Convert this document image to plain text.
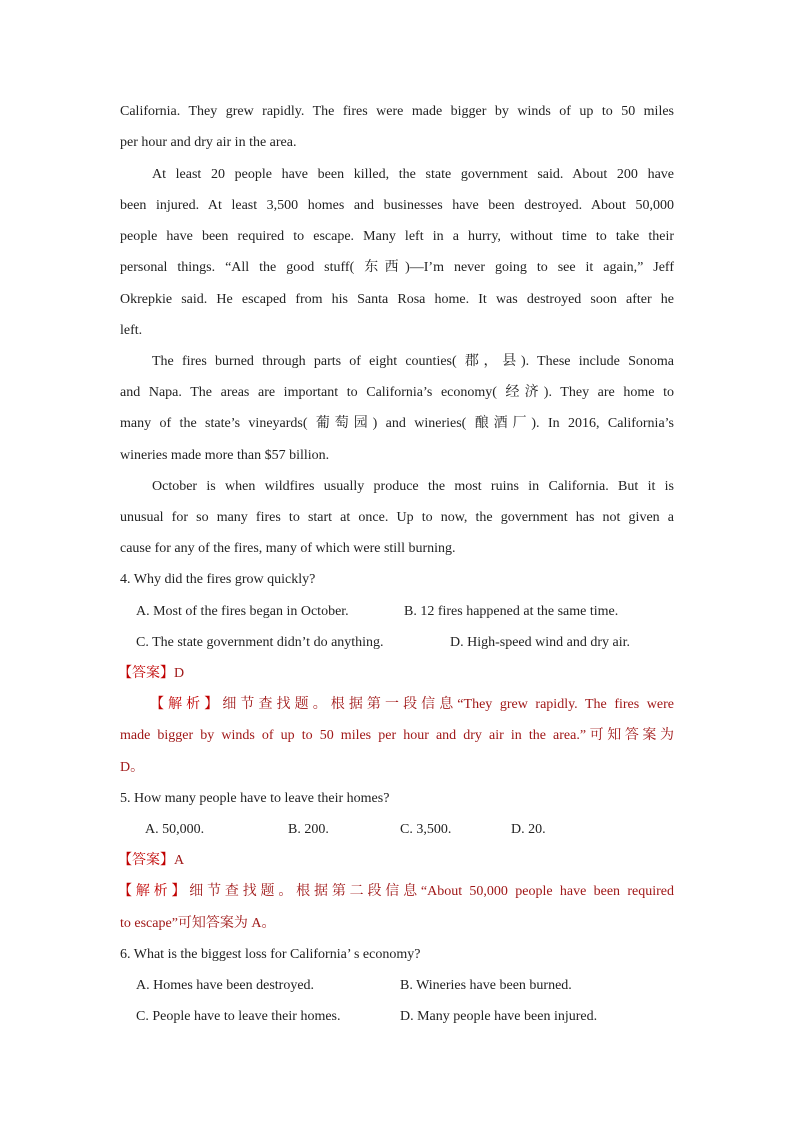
California. They grew rapidly. The fires were made bigger by winds of up to 50 miles
per hour and dry air in the area.
At least 20 people have been killed, the state government said. About 200 have
been injured. At least 3,500 homes and businesses have been destroyed. About 50,000
people have been required to escape. Many left in a hurry, without time to take their
personal things. “All the good stuff( 东西)—I’m never going to see it again,” Jeff
Okrepkie said. He escaped from his Santa Rosa home. It was destroyed soon after he
left.
The fires burned through parts of eight counties( 郡，县). These include Sonoma
and Napa. The areas are important to California’s economy( 经济). They are home to
many of the state’s vineyards( 葡萄园) and wineries( 酿酒厂). In 2016, California’s
wineries made more than $57 billion.
October is when wildfires usually produce the most ruins in California. But it is
unusual for so many fires to start at once. Up to now, the government has not given a
cause for any of the fires, many of which were still burning.
4. Why did the fires grow quickly?
A. Most of the fires began in October.	B. 12 fires happened at the same time.
C. The state government didn’t do anything.	D. High-speed wind and dry air.
【答案】D
【解析】细节查找题。根据第一段信息“They grew rapidly. The fires were
made bigger by winds of up to 50 miles per hour and dry air in the area.”可知答案为
D。
5. How many people have to leave their homes?
A. 50,000.	B. 200.	C. 3,500.	D. 20.
【答案】A
【解析】细节查找题。根据第二段信息“About 50,000 people have been required
to escape”可知答案为 A。
6. What is the biggest loss for California’ s economy?
A. Homes have been destroyed.	B. Wineries have been burned.
C. People have to leave their homes.	D. Many people have been injured.
